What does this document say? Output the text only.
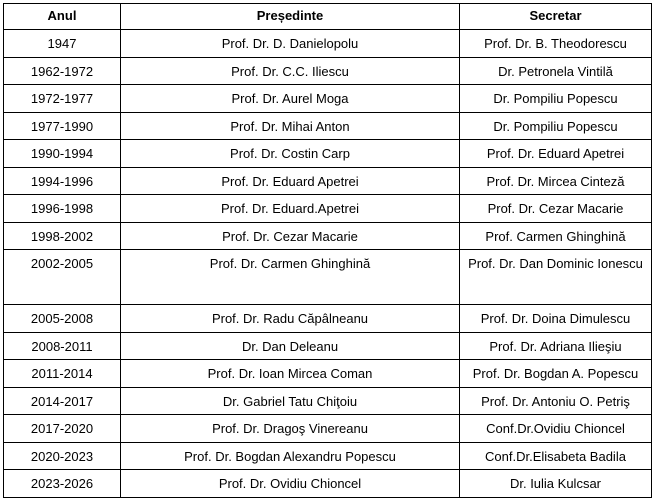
Anul	Președinte	Secretar
1947	Prof. Dr. D. Danielopolu	Prof. Dr. B. Theodorescu
1962-1972	Prof. Dr. C.C. Iliescu	Dr. Petronela Vintilă
1972-1977	Prof. Dr. Aurel Moga	Dr. Pompiliu Popescu
1977-1990	Prof. Dr. Mihai Anton	Dr. Pompiliu Popescu
1990-1994	Prof. Dr. Costin Carp	Prof. Dr. Eduard Apetrei
1994-1996	Prof. Dr. Eduard Apetrei	Prof. Dr. Mircea Cinteză
1996-1998	Prof. Dr. Eduard.Apetrei	Prof. Dr. Cezar Macarie
1998-2002	Prof. Dr. Cezar Macarie	Prof. Carmen Ghinghină
2002-2005	Prof. Dr. Carmen Ghinghină	Prof. Dr. Dan Dominic Ionescu
2005-2008	Prof. Dr. Radu Căpâlneanu	Prof. Dr. Doina Dimulescu
2008-2011	Dr. Dan Deleanu	Prof. Dr. Adriana Ilieşiu
2011-2014	Prof. Dr. Ioan Mircea Coman	Prof. Dr. Bogdan A. Popescu
2014-2017	Dr. Gabriel Tatu Chiţoiu	Prof. Dr. Antoniu O. Petriş
2017-2020	Prof. Dr. Dragoş Vinereanu	Conf.Dr.Ovidiu Chioncel
2020-2023	Prof. Dr. Bogdan Alexandru Popescu	Conf.Dr.Elisabeta Badila
2023-2026	Prof. Dr. Ovidiu Chioncel	Dr. Iulia Kulcsar
